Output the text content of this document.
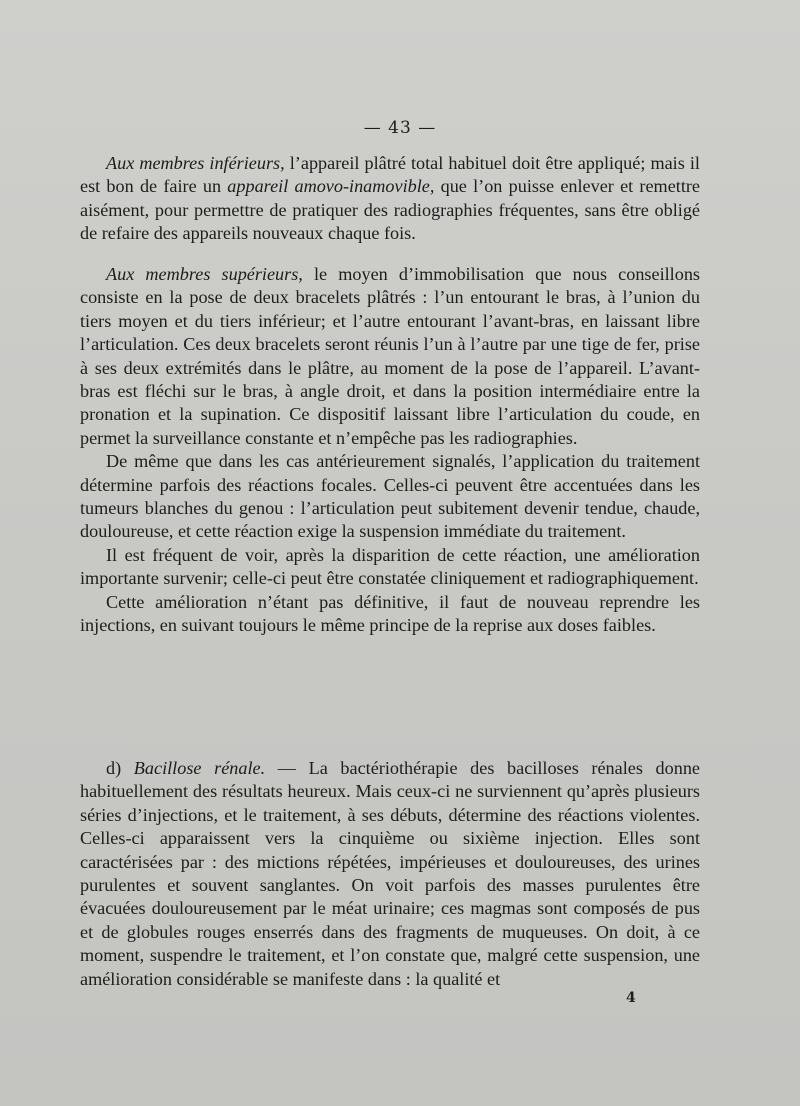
— 43 —

Aux membres inférieurs, l’appareil plâtré total habituel doit être appliqué; mais il est bon de faire un appareil amovo-inamovible, que l’on puisse enlever et remettre aisément, pour permettre de pratiquer des radiographies fréquentes, sans être obligé de refaire des appareils nouveaux chaque fois.

Aux membres supérieurs, le moyen d’immobilisation que nous conseillons consiste en la pose de deux bracelets plâtrés : l’un entourant le bras, à l’union du tiers moyen et du tiers inférieur; et l’autre entourant l’avant-bras, en laissant libre l’articulation. Ces deux bracelets seront réunis l’un à l’autre par une tige de fer, prise à ses deux extrémités dans le plâtre, au moment de la pose de l’appareil. L’avant-bras est fléchi sur le bras, à angle droit, et dans la position intermédiaire entre la pronation et la supination. Ce dispositif laissant libre l’articulation du coude, en permet la surveillance constante et n’empêche pas les radiographies.

De même que dans les cas antérieurement signalés, l’application du traitement détermine parfois des réactions focales. Celles-ci peuvent être accentuées dans les tumeurs blanches du genou : l’articulation peut subitement devenir tendue, chaude, douloureuse, et cette réaction exige la suspension immédiate du traitement.

Il est fréquent de voir, après la disparition de cette réaction, une amélioration importante survenir; celle-ci peut être constatée cliniquement et radiographiquement.

Cette amélioration n’étant pas définitive, il faut de nouveau reprendre les injections, en suivant toujours le même principe de la reprise aux doses faibles.

d) Bacillose rénale. — La bactériothérapie des bacilloses rénales donne habituellement des résultats heureux. Mais ceux-ci ne surviennent qu’après plusieurs séries d’injections, et le traitement, à ses débuts, détermine des réactions violentes. Celles-ci apparaissent vers la cinquième ou sixième injection. Elles sont caractérisées par : des mictions répétées, impérieuses et douloureuses, des urines purulentes et souvent sanglantes. On voit parfois des masses purulentes être évacuées douloureusement par le méat urinaire; ces magmas sont composés de pus et de globules rouges enserrés dans des fragments de muqueuses. On doit, à ce moment, suspendre le traitement, et l’on constate que, malgré cette suspension, une amélioration considérable se manifeste dans : la qualité et

4
